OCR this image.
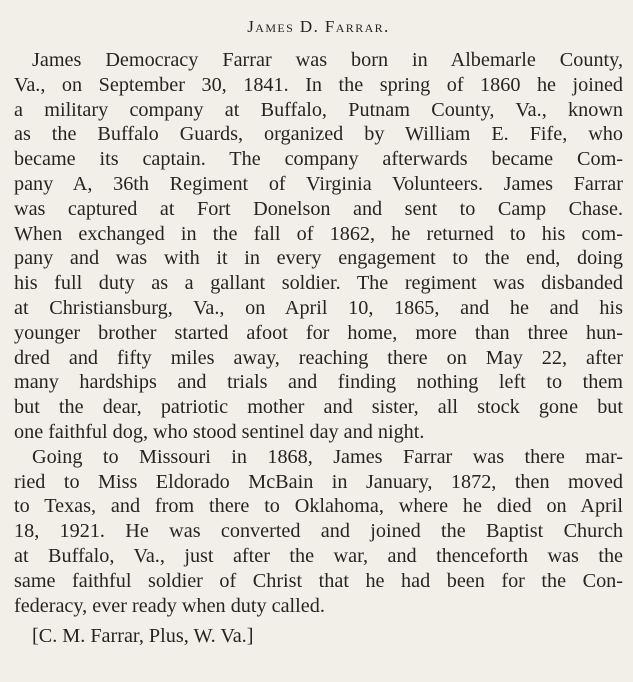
James D. Farrar.
James Democracy Farrar was born in Albemarle County,
Va., on September 30, 1841. In the spring of 1860 he joined
a military company at Buffalo, Putnam County, Va., known
as the Buffalo Guards, organized by William E. Fife, who
became its captain. The company afterwards became Com-
pany A, 36th Regiment of Virginia Volunteers. James Farrar
was captured at Fort Donelson and sent to Camp Chase.
When exchanged in the fall of 1862, he returned to his com-
pany and was with it in every engagement to the end, doing
his full duty as a gallant soldier. The regiment was disbanded
at Christiansburg, Va., on April 10, 1865, and he and his
younger brother started afoot for home, more than three hun-
dred and fifty miles away, reaching there on May 22, after
many hardships and trials and finding nothing left to them
but the dear, patriotic mother and sister, all stock gone but
one faithful dog, who stood sentinel day and night.
Going to Missouri in 1868, James Farrar was there mar-
ried to Miss Eldorado McBain in January, 1872, then moved
to Texas, and from there to Oklahoma, where he died on April
18, 1921. He was converted and joined the Baptist Church
at Buffalo, Va., just after the war, and thenceforth was the
same faithful soldier of Christ that he had been for the Con-
federacy, ever ready when duty called.
[C. M. Farrar, Plus, W. Va.]
